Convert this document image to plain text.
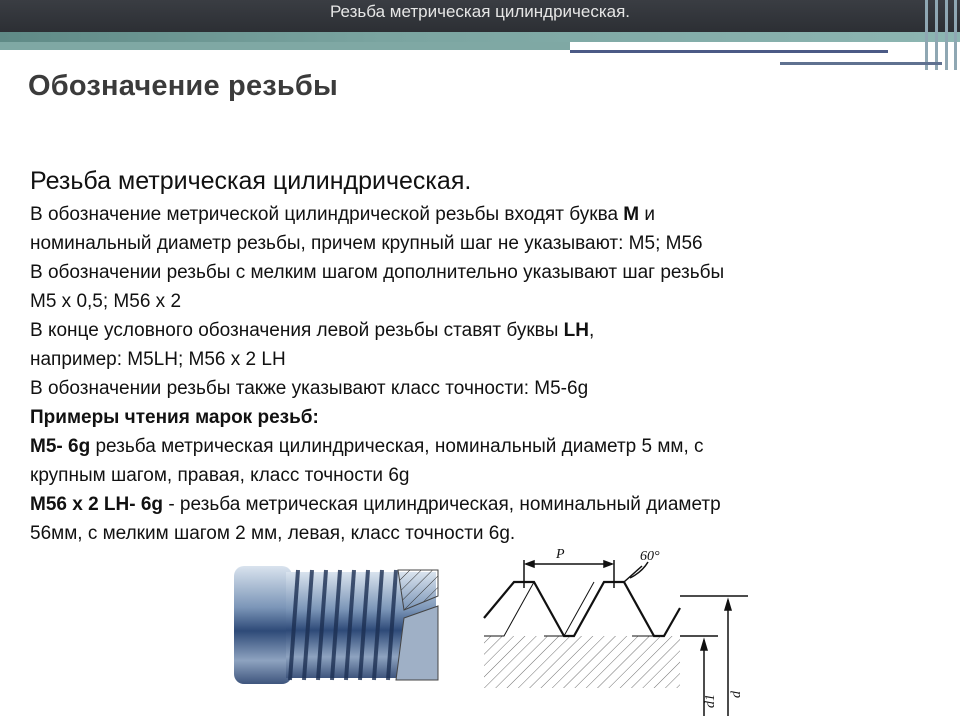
Резьба метрическая цилиндрическая.
Обозначение резьбы
Резьба метрическая цилиндрическая.
В обозначение метрической цилиндрической резьбы входят буква М и
номинальный диаметр резьбы, причем крупный шаг не указывают: М5; М56
В обозначении резьбы с мелким шагом дополнительно указывают шаг резьбы
М5 х 0,5; М56 х 2
В конце условного обозначения левой резьбы ставят буквы LH,
например: М5LH; М56 х 2 LH
В обозначении резьбы также указывают класс точности: М5-6g
Примеры чтения марок резьб:
М5- 6g резьба метрическая цилиндрическая, номинальный диаметр 5 мм, с
крупным шагом, правая, класс точности 6g
М56 х 2 LH- 6g - резьба метрическая цилиндрическая, номинальный диаметр
56мм, с мелким шагом 2 мм, левая, класс точности 6g.
P	60°
d1 d
